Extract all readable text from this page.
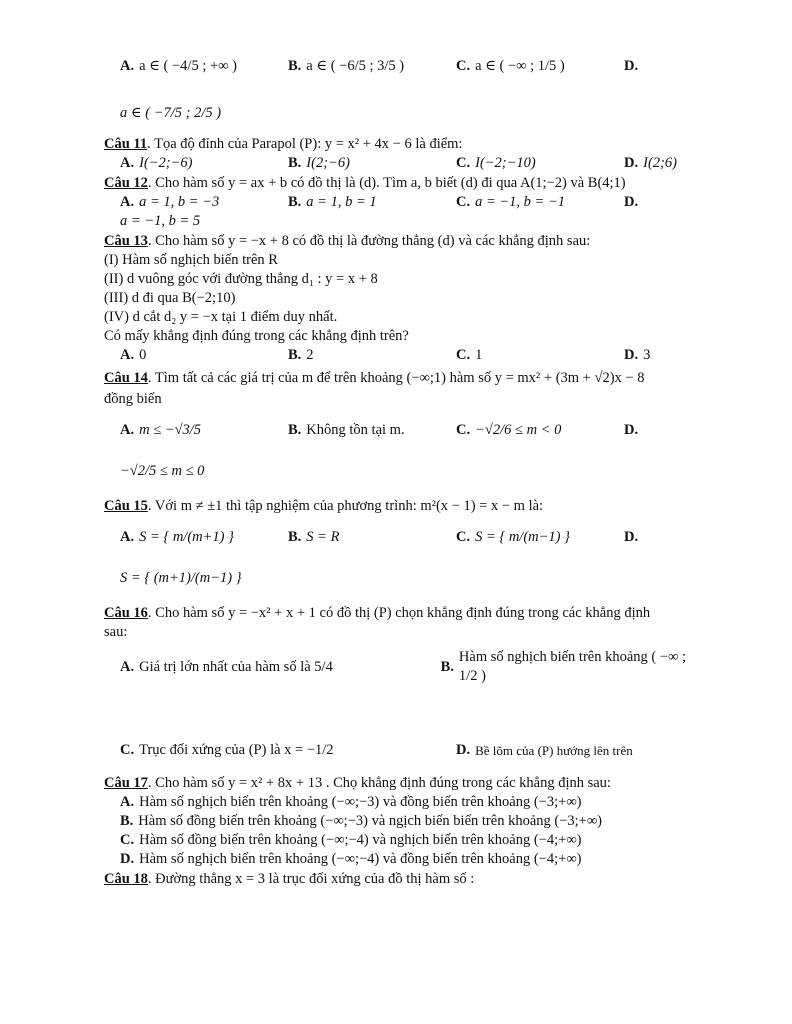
A. a ∈ ( −4/5 ; +∞ )	B. a ∈ ( −6/5 ; 3/5 )	C. a ∈ ( −∞ ; 1/5 )	D.
a ∈ ( −7/5 ; 2/5 )
Câu 11. Tọa độ đỉnh của Parapol (P): y = x² + 4x − 6 là điểm:
A. I(−2;−6)	B. I(2;−6)	C. I(−2;−10)	D. I(2;6)
Câu 12. Cho hàm số y = ax + b có đồ thị là (d). Tìm a, b biết (d) đi qua A(1;−2) và B(4;1)
A. a = 1, b = −3	B. a = 1, b = 1	C. a = −1, b = −1	D.
a = −1, b = 5
Câu 13. Cho hàm số y = −x + 8 có đồ thị là đường thẳng (d) và các khẳng định sau:
(I) Hàm số nghịch biến trên R
(II) d vuông góc với đường thẳng d₁ : y = x + 8
(III) d đi qua B(−2;10)
(IV) d cắt d₂ y = −x tại 1 điểm duy nhất.
Có mấy khẳng định đúng trong các khẳng định trên?
A. 0	B. 2	C. 1	D. 3
Câu 14. Tìm tất cả các giá trị của m để trên khoảng (−∞;1) hàm số y = mx² + (3m + √2)x − 8
đồng biến
A. m ≤ −√3/5	B. Không tồn tại m.	C. −√2/6 ≤ m < 0	D.
−√2/5 ≤ m ≤ 0
Câu 15. Với m ≠ ±1 thì tập nghiệm của phương trình: m²(x − 1) = x − m là:
A. S = { m/(m+1) }	B. S = R	C. S = { m/(m−1) }	D.
S = { (m+1)/(m−1) }
Câu 16. Cho hàm số y = −x² + x + 1 có đồ thị (P) chọn khẳng định đúng trong các khẳng định
sau:
A. Giá trị lớn nhất của hàm số là 5/4	B.
Hàm số nghịch biến trên khoảng ( −∞ ; 1/2 )
C. Trục đối xứng của (P) là x = −1/2	D. Bề lõm của (P) hướng lên trên
Câu 17. Cho hàm số y = x² + 8x + 13 . Chọ khẳng định đúng trong các khẳng định sau:
A. Hàm số nghịch biến trên khoảng (−∞;−3) và đồng biến trên khoảng (−3;+∞)
B. Hàm số đồng biến trên khoảng (−∞;−3) và ngịch biến biến trên khoảng (−3;+∞)
C. Hàm số đồng biến trên khoảng (−∞;−4) và nghịch biến trên khoảng (−4;+∞)
D. Hàm số nghịch biến trên khoảng (−∞;−4) và đồng biến trên khoảng (−4;+∞)
Câu 18. Đường thẳng x = 3 là trục đối xứng của đồ thị hàm số :
